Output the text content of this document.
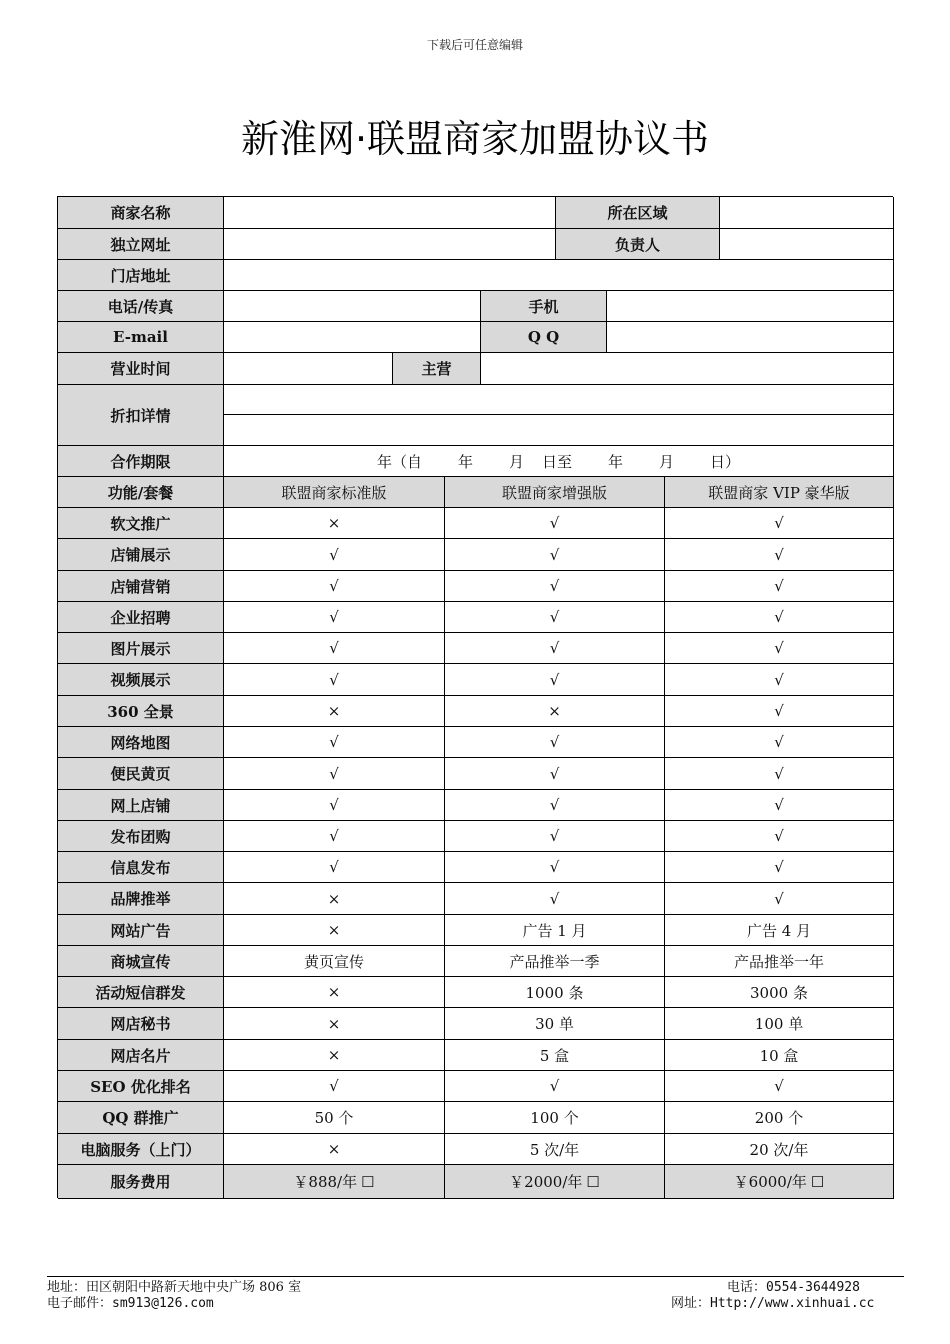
下载后可任意编辑
新淮网·联盟商家加盟协议书
商家名称	所在区域
独立网址	负责人
门店地址
电话/传真	手机
E-mail	Q Q
营业时间	主营
折扣详情
合作期限	年（自 年 月 日至 年 月 日）
功能/套餐	联盟商家标准版	联盟商家增强版	联盟商家 VIP 豪华版
软文推广	×	√	√
店铺展示	√	√	√
店铺营销	√	√	√
企业招聘	√	√	√
图片展示	√	√	√
视频展示	√	√	√
360 全景	×	×	√
网络地图	√	√	√
便民黄页	√	√	√
网上店铺	√	√	√
发布团购	√	√	√
信息发布	√	√	√
品牌推举	×	√	√
网站广告	×	广告 1 月	广告 4 月
商城宣传	黄页宣传	产品推举一季	产品推举一年
活动短信群发	×	1000 条	3000 条
网店秘书	×	30 单	100 单
网店名片	×	5 盒	10 盒
SEO 优化排名	√	√	√
QQ 群推广	50 个	100 个	200 个
电脑服务（上门）	×	5 次/年	20 次/年
服务费用	￥888/年 ☐	￥2000/年 ☐	￥6000/年 ☐
地址：田区朝阳中路新天地中央广场 806 室	电话：0554-3644928
电子邮件：sm913@126.com	网址：Http://www.xinhuai.cc
